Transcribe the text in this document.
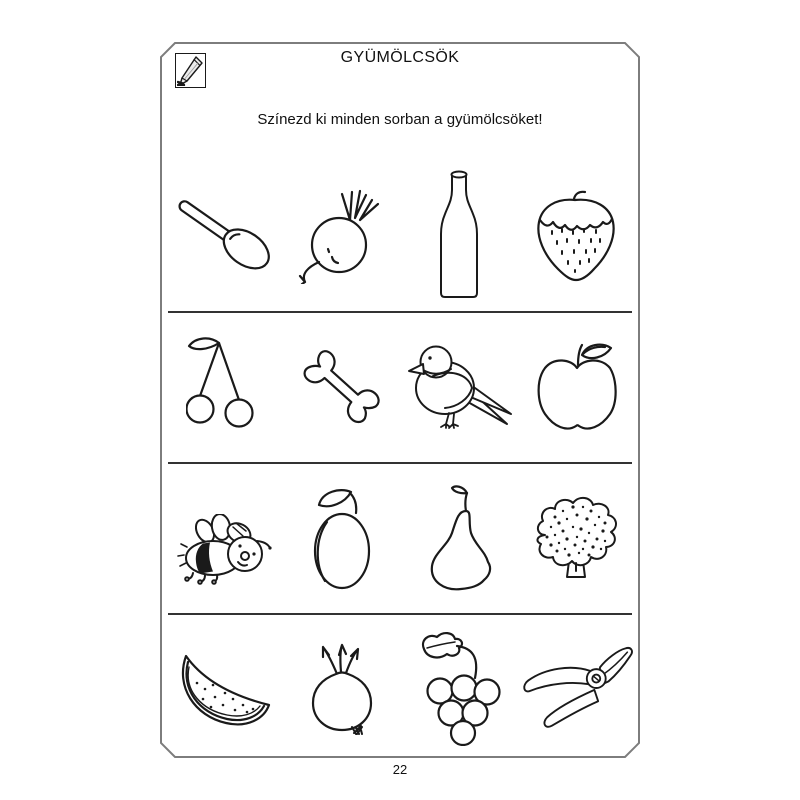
GYÜMÖLCSÖK
Színezd ki minden sorban a gyümölcsöket!
22
